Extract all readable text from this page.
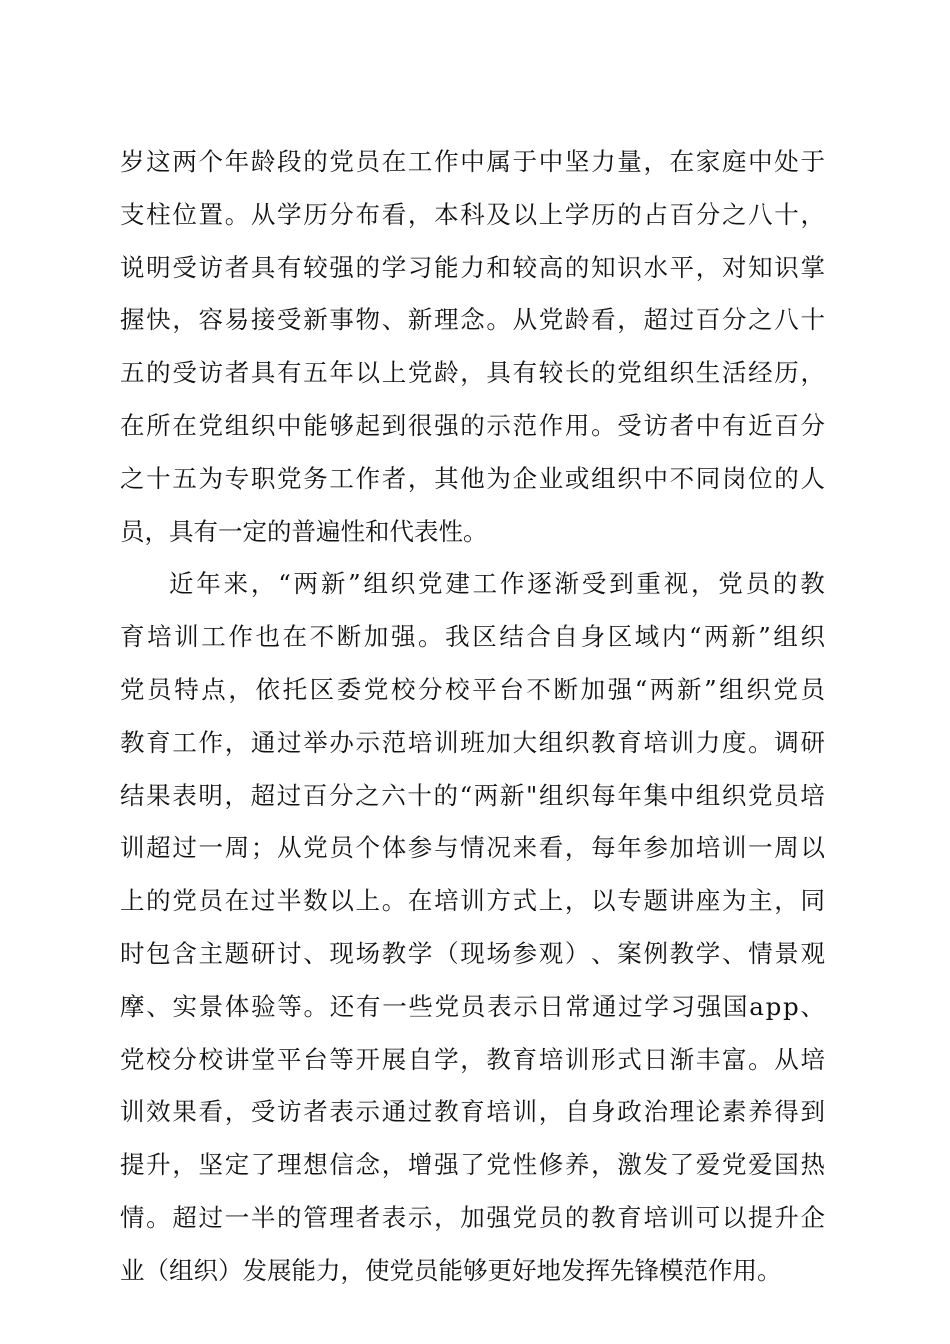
岁 这 两 个 年 龄 段 的 党 员 在 工 作 中 属 于 中 坚 力 量 ， 在 家 庭 中 处 于
支 柱 位 置 。 从 学 历 分 布 看 ， 本 科 及 以 上 学 历 的 占 百 分 之 八 十 ，
说 明 受 访 者 具 有 较 强 的 学 习 能 力 和 较 高 的 知 识 水 平 ， 对 知 识 掌
握 快 ， 容 易 接 受 新 事 物 、 新 理 念 。 从 党 龄 看 ， 超 过 百 分 之 八 十
五 的 受 访 者 具 有 五 年 以 上 党 龄 ， 具 有 较 长 的 党 组 织 生 活 经 历 ，
在 所 在 党 组 织 中 能 够 起 到 很 强 的 示 范 作 用 。 受 访 者 中 有 近 百 分
之 十 五 为 专 职 党 务 工 作 者 ， 其 他 为 企 业 或 组 织 中 不 同 岗 位 的 人
员，具有一定的普遍性和代表性。
近 年 来 ， “ 两 新 ” 组 织 党 建 工 作 逐 渐 受 到 重 视 ， 党 员 的 教
育 培 训 工 作 也 在 不 断 加 强 。 我 区 结 合 自 身 区 域 内 “ 两 新 ” 组 织
党 员 特 点 ， 依 托 区 委 党 校 分 校 平 台 不 断 加 强 “ 两 新 ” 组 织 党 员
教 育 工 作 ， 通 过 举 办 示 范 培 训 班 加 大 组 织 教 育 培 训 力 度 。 调 研
结 果 表 明 ， 超 过 百 分 之 六 十 的 “ 两 新 " 组 织 每 年 集 中 组 织 党 员 培
训 超 过 一 周 ； 从 党 员 个 体 参 与 情 况 来 看 ， 每 年 参 加 培 训 一 周 以
上 的 党 员 在 过 半 数 以 上 。 在 培 训 方 式 上 ， 以 专 题 讲 座 为 主 ， 同
时 包 含 主 题 研 讨 、 现 场 教 学 （ 现 场 参 观 ） 、 案 例 教 学 、 情 景 观
摩 、 实 景 体 验 等 。 还 有 一 些 党 员 表 示 日 常 通 过 学 习 强 国 a p p 、
党 校 分 校 讲 堂 平 台 等 开 展 自 学 ， 教 育 培 训 形 式 日 渐 丰 富 。 从 培
训 效 果 看 ， 受 访 者 表 示 通 过 教 育 培 训 ， 自 身 政 治 理 论 素 养 得 到
提 升 ， 坚 定 了 理 想 信 念 ， 增 强 了 党 性 修 养 ， 激 发 了 爱 党 爱 国 热
情 。 超 过 一 半 的 管 理 者 表 示 ， 加 强 党 员 的 教 育 培 训 可 以 提 升 企
业（组织）发展能力，使党员能够更好地发挥先锋模范作用。
